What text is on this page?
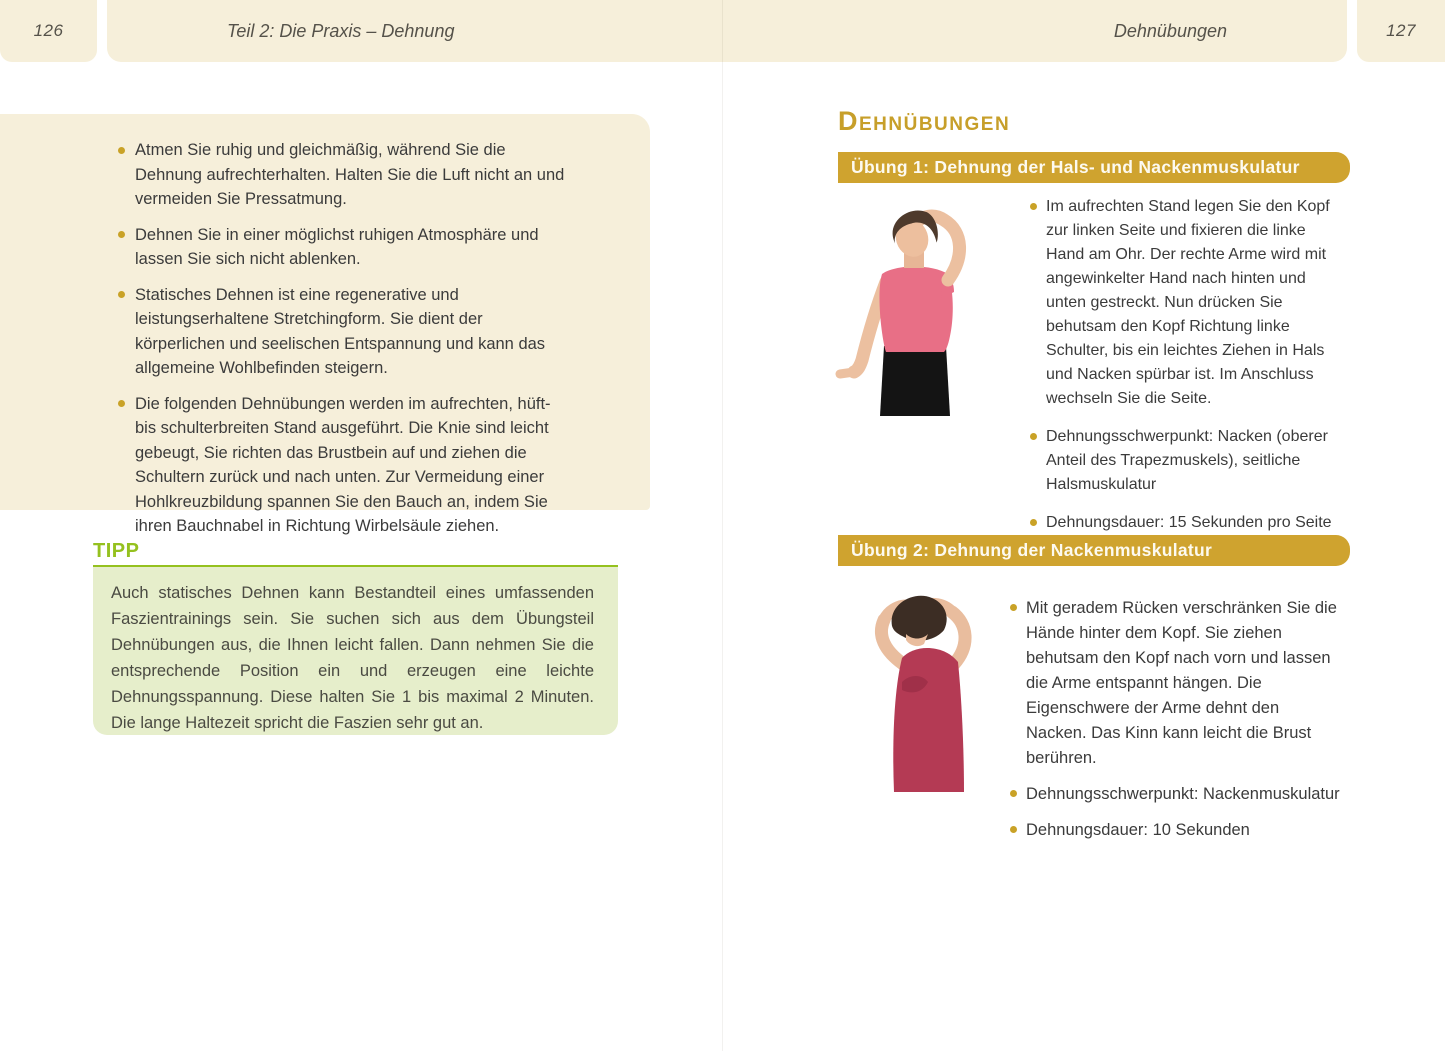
126	Teil 2: Die Praxis – Dehnung	Dehnübungen	127
Atmen Sie ruhig und gleichmäßig, während Sie die Dehnung aufrechterhalten. Halten Sie die Luft nicht an und vermeiden Sie Pressatmung.
Dehnen Sie in einer möglichst ruhigen Atmosphäre und lassen Sie sich nicht ablenken.
Statisches Dehnen ist eine regenerative und leistungserhaltene Stretchingform. Sie dient der körperlichen und seelischen Entspannung und kann das allgemeine Wohlbefinden steigern.
Die folgenden Dehnübungen werden im aufrechten, hüft- bis schulterbreiten Stand ausgeführt. Die Knie sind leicht gebeugt, Sie richten das Brustbein auf und ziehen die Schultern zurück und nach unten. Zur Vermeidung einer Hohlkreuzbildung spannen Sie den Bauch an, indem Sie ihren Bauchnabel in Richtung Wirbelsäule ziehen.
TIPP

Auch statisches Dehnen kann Bestandteil eines umfassenden Faszientrainings sein. Sie suchen sich aus dem Übungsteil Dehnübungen aus, die Ihnen leicht fallen. Dann nehmen Sie die entsprechende Position ein und erzeugen eine leichte Dehnungsspannung. Diese halten Sie 1 bis maximal 2 Minuten. Die lange Haltezeit spricht die Faszien sehr gut an.

Dehnübungen
Übung 1: Dehnung der Hals- und Nackenmuskulatur
Im aufrechten Stand legen Sie den Kopf zur linken Seite und fixieren die linke Hand am Ohr. Der rechte Arme wird mit angewinkelter Hand nach hinten und unten gestreckt. Nun drücken Sie behutsam den Kopf Richtung linke Schulter, bis ein leichtes Ziehen in Hals und Nacken spürbar ist. Im Anschluss wechseln Sie die Seite.
Dehnungsschwerpunkt: Nacken (oberer Anteil des Trapezmuskels), seitliche Halsmuskulatur
Dehnungsdauer: 15 Sekunden pro Seite
Übung 2: Dehnung der Nackenmuskulatur
Mit geradem Rücken verschränken Sie die Hände hinter dem Kopf. Sie ziehen behutsam den Kopf nach vorn und lassen die Arme entspannt hängen. Die Eigenschwere der Arme dehnt den Nacken. Das Kinn kann leicht die Brust berühren.
Dehnungsschwerpunkt: Nackenmuskulatur
Dehnungsdauer: 10 Sekunden
